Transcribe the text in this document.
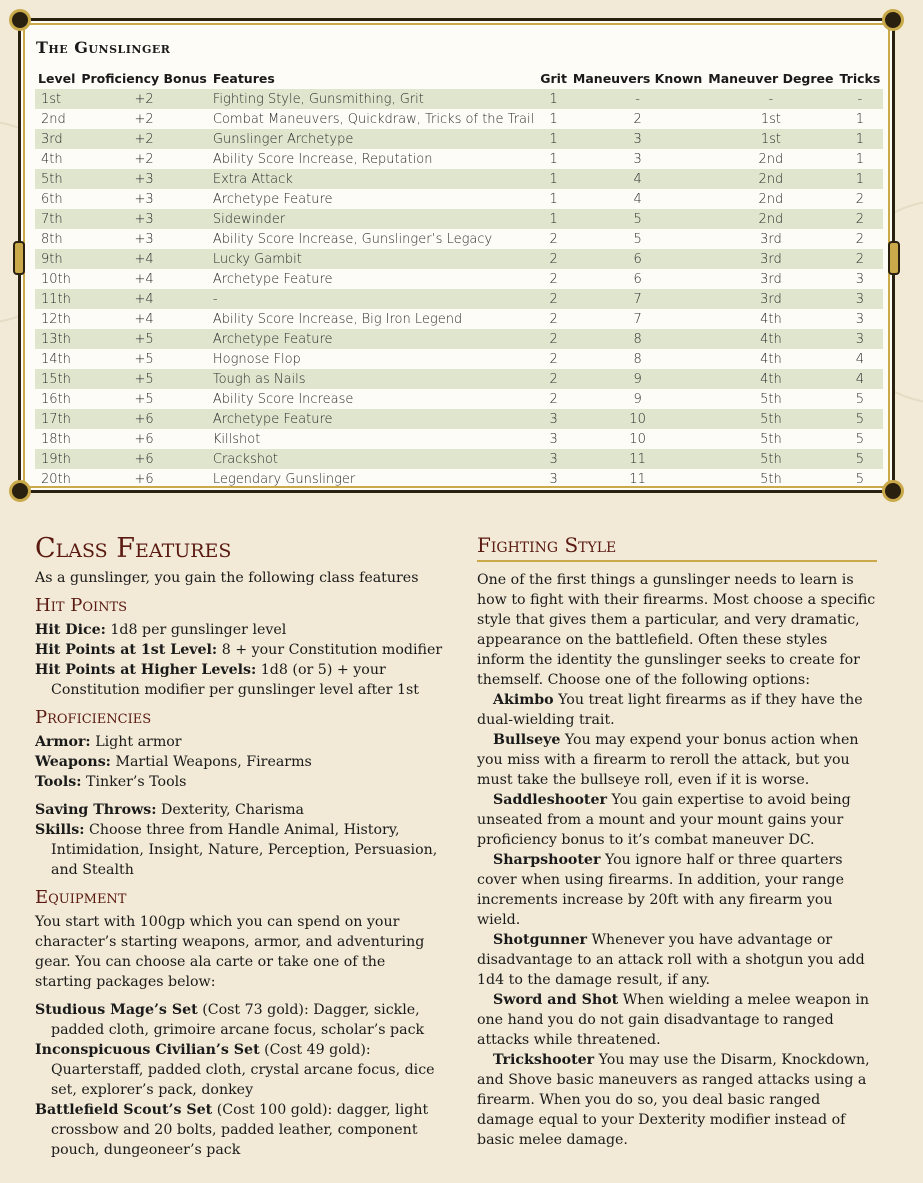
The Gunslinger
Level	Proficiency Bonus	Features	Grit	Maneuvers Known	Maneuver Degree	Tricks
1st	+2	Fighting Style, Gunsmithing, Grit	1	-	-	-
2nd	+2	Combat Maneuvers, Quickdraw, Tricks of the Trail	1	2	1st	1
3rd	+2	Gunslinger Archetype	1	3	1st	1
4th	+2	Ability Score Increase, Reputation	1	3	2nd	1
5th	+3	Extra Attack	1	4	2nd	1
6th	+3	Archetype Feature	1	4	2nd	2
7th	+3	Sidewinder	1	5	2nd	2
8th	+3	Ability Score Increase, Gunslinger’s Legacy	2	5	3rd	2
9th	+4	Lucky Gambit	2	6	3rd	2
10th	+4	Archetype Feature	2	6	3rd	3
11th	+4	-	2	7	3rd	3
12th	+4	Ability Score Increase, Big Iron Legend	2	7	4th	3
13th	+5	Archetype Feature	2	8	4th	3
14th	+5	Hognose Flop	2	8	4th	4
15th	+5	Tough as Nails	2	9	4th	4
16th	+5	Ability Score Increase	2	9	5th	5
17th	+6	Archetype Feature	3	10	5th	5
18th	+6	Killshot	3	10	5th	5
19th	+6	Crackshot	3	11	5th	5
20th	+6	Legendary Gunslinger	3	11	5th	5
Class Features

As a gunslinger, you gain the following class features

Hit Points

Hit Dice: 1d8 per gunslinger level

Hit Points at 1st Level: 8 + your Constitution modifier

Hit Points at Higher Levels: 1d8 (or 5) + your Constitution modifier per gunslinger level after 1st

Proficiencies

Armor: Light armor

Weapons: Martial Weapons, Firearms

Tools: Tinker’s Tools

Saving Throws: Dexterity, Charisma

Skills: Choose three from Handle Animal, History, Intimidation, Insight, Nature, Perception, Persuasion, and Stealth

Equipment

You start with 100gp which you can spend on your character’s starting weapons, armor, and adventuring gear. You can choose ala carte or take one of the starting packages below:

Studious Mage’s Set (Cost 73 gold): Dagger, sickle, padded cloth, grimoire arcane focus, scholar’s pack

Inconspicuous Civilian’s Set (Cost 49 gold): Quarterstaff, padded cloth, crystal arcane focus, dice set, explorer’s pack, donkey

Battlefield Scout’s Set (Cost 100 gold): dagger, light crossbow and 20 bolts, padded leather, component pouch, dungeoneer’s pack

Fighting Style

One of the first things a gunslinger needs to learn is how to fight with their firearms. Most choose a specific style that gives them a particular, and very dramatic, appearance on the battlefield. Often these styles inform the identity the gunslinger seeks to create for themself. Choose one of the following options:

Akimbo You treat light firearms as if they have the dual-wielding trait.

Bullseye You may expend your bonus action when you miss with a firearm to reroll the attack, but you must take the bullseye roll, even if it is worse.

Saddleshooter You gain expertise to avoid being unseated from a mount and your mount gains your proficiency bonus to it’s combat maneuver DC.

Sharpshooter You ignore half or three quarters cover when using firearms. In addition, your range increments increase by 20ft with any firearm you wield.

Shotgunner Whenever you have advantage or disadvantage to an attack roll with a shotgun you add 1d4 to the damage result, if any.

Sword and Shot When wielding a melee weapon in one hand you do not gain disadvantage to ranged attacks while threatened.

Trickshooter You may use the Disarm, Knockdown, and Shove basic maneuvers as ranged attacks using a firearm. When you do so, you deal basic ranged damage equal to your Dexterity modifier instead of basic melee damage.
